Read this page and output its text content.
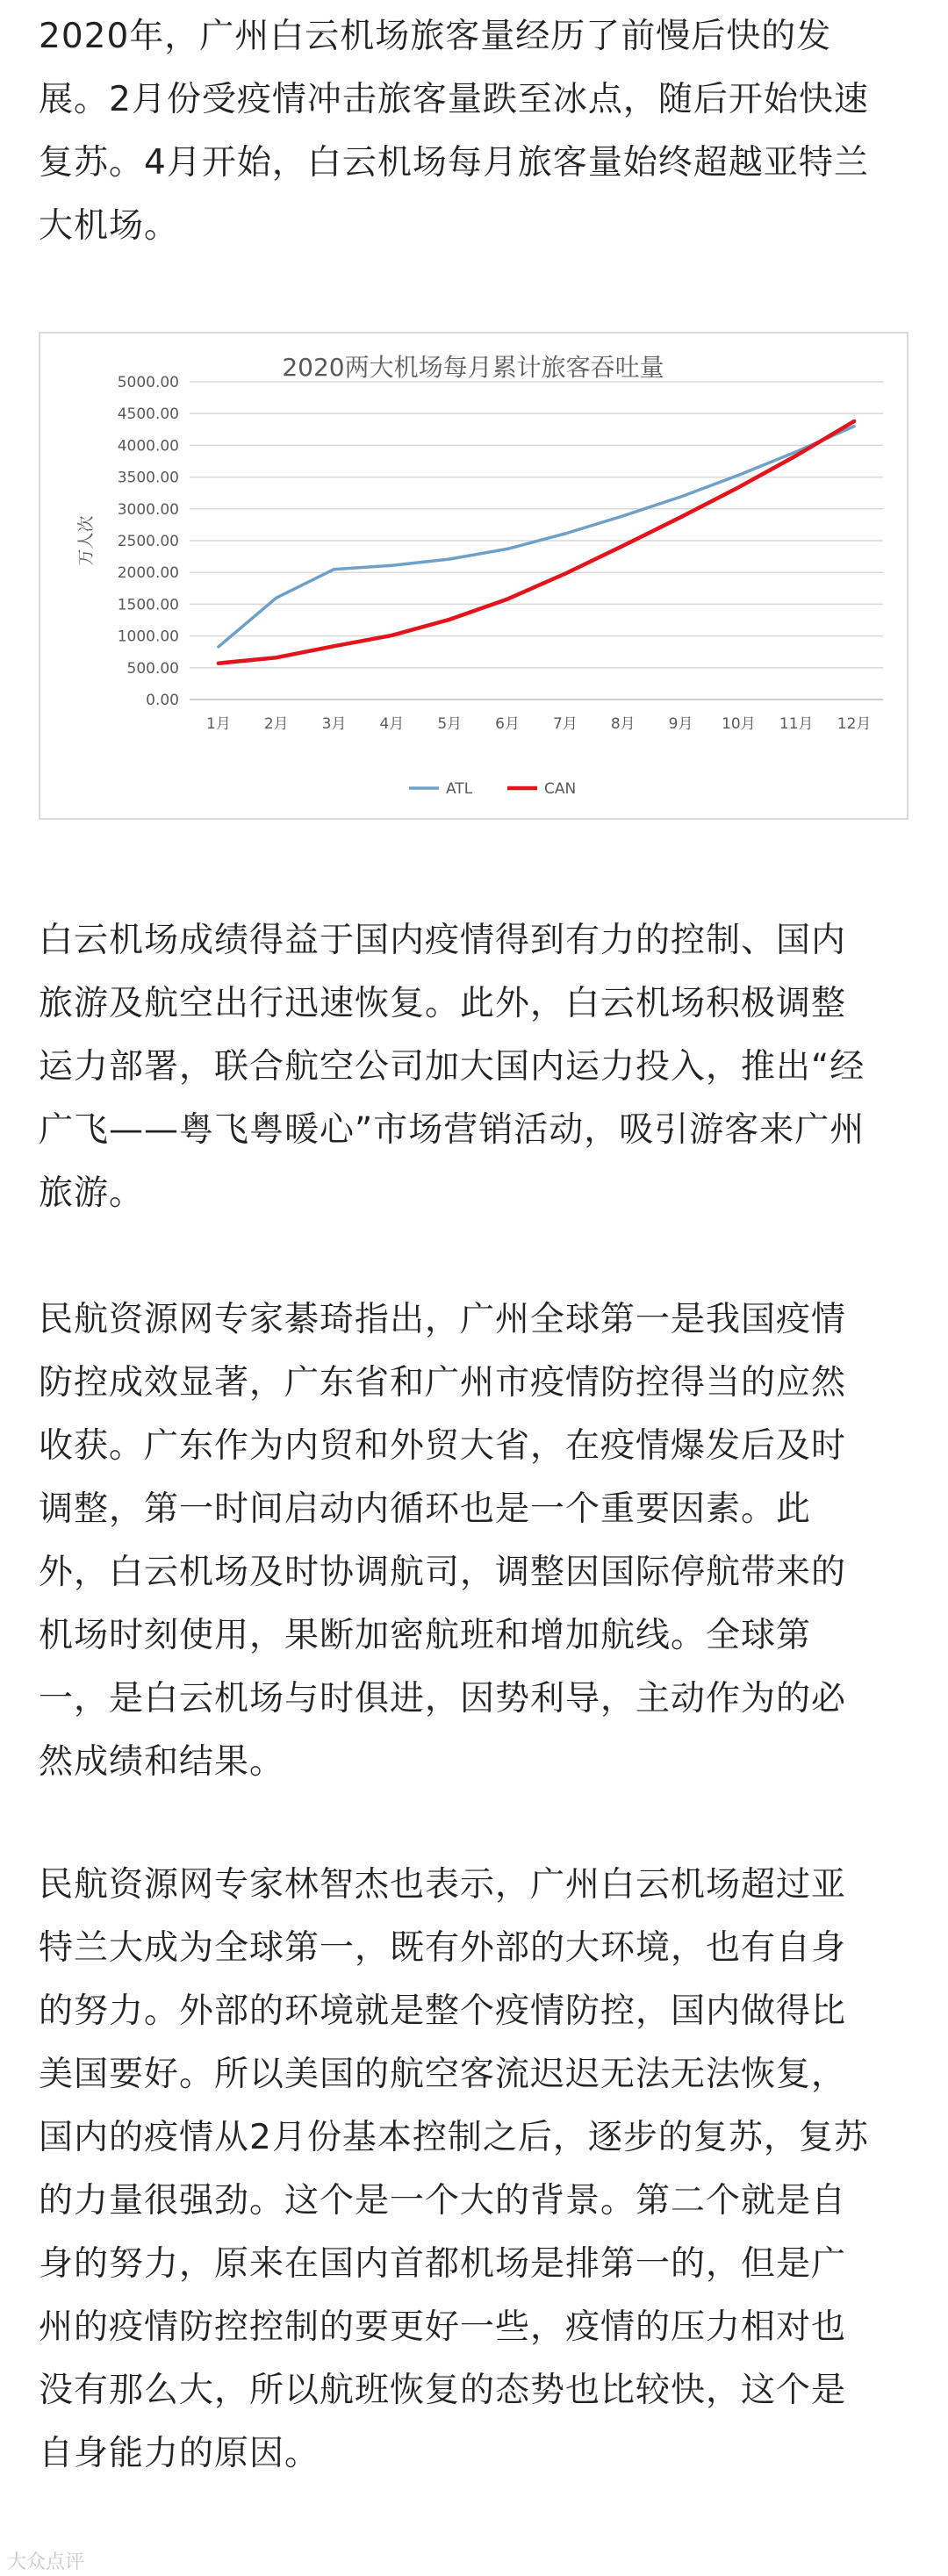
2020年，广州白云机场旅客量经历了前慢后快的发
展。2月份受疫情冲击旅客量跌至冰点，随后开始快速
复苏。4月开始，白云机场每月旅客量始终超越亚特兰
大机场。

2020两大机场每月累计旅客吞吐量
0.00
500.00
1000.00
1500.00
2000.00
2500.00
3000.00
3500.00
4000.00
4500.00
5000.00
万人次
1月 2月 3月 4月 5月 6月 7月 8月 9月 10月 11月 12月
ATL	CAN

白云机场成绩得益于国内疫情得到有力的控制、国内
旅游及航空出行迅速恢复。此外，白云机场积极调整
运力部署，联合航空公司加大国内运力投入，推出“经
广飞——粤飞粤暖心”市场营销活动，吸引游客来广州
旅游。

民航资源网专家綦琦指出，广州全球第一是我国疫情
防控成效显著，广东省和广州市疫情防控得当的应然
收获。广东作为内贸和外贸大省，在疫情爆发后及时
调整，第一时间启动内循环也是一个重要因素。此
外，白云机场及时协调航司，调整因国际停航带来的
机场时刻使用，果断加密航班和增加航线。全球第
一，是白云机场与时俱进，因势利导，主动作为的必
然成绩和结果。

民航资源网专家林智杰也表示，广州白云机场超过亚
特兰大成为全球第一，既有外部的大环境，也有自身
的努力。外部的环境就是整个疫情防控，国内做得比
美国要好。所以美国的航空客流迟迟无法无法恢复，
国内的疫情从2月份基本控制之后，逐步的复苏，复苏
的力量很强劲。这个是一个大的背景。第二个就是自
身的努力，原来在国内首都机场是排第一的，但是广
州的疫情防控控制的要更好一些，疫情的压力相对也
没有那么大，所以航班恢复的态势也比较快，这个是
自身能力的原因。

大众点评
